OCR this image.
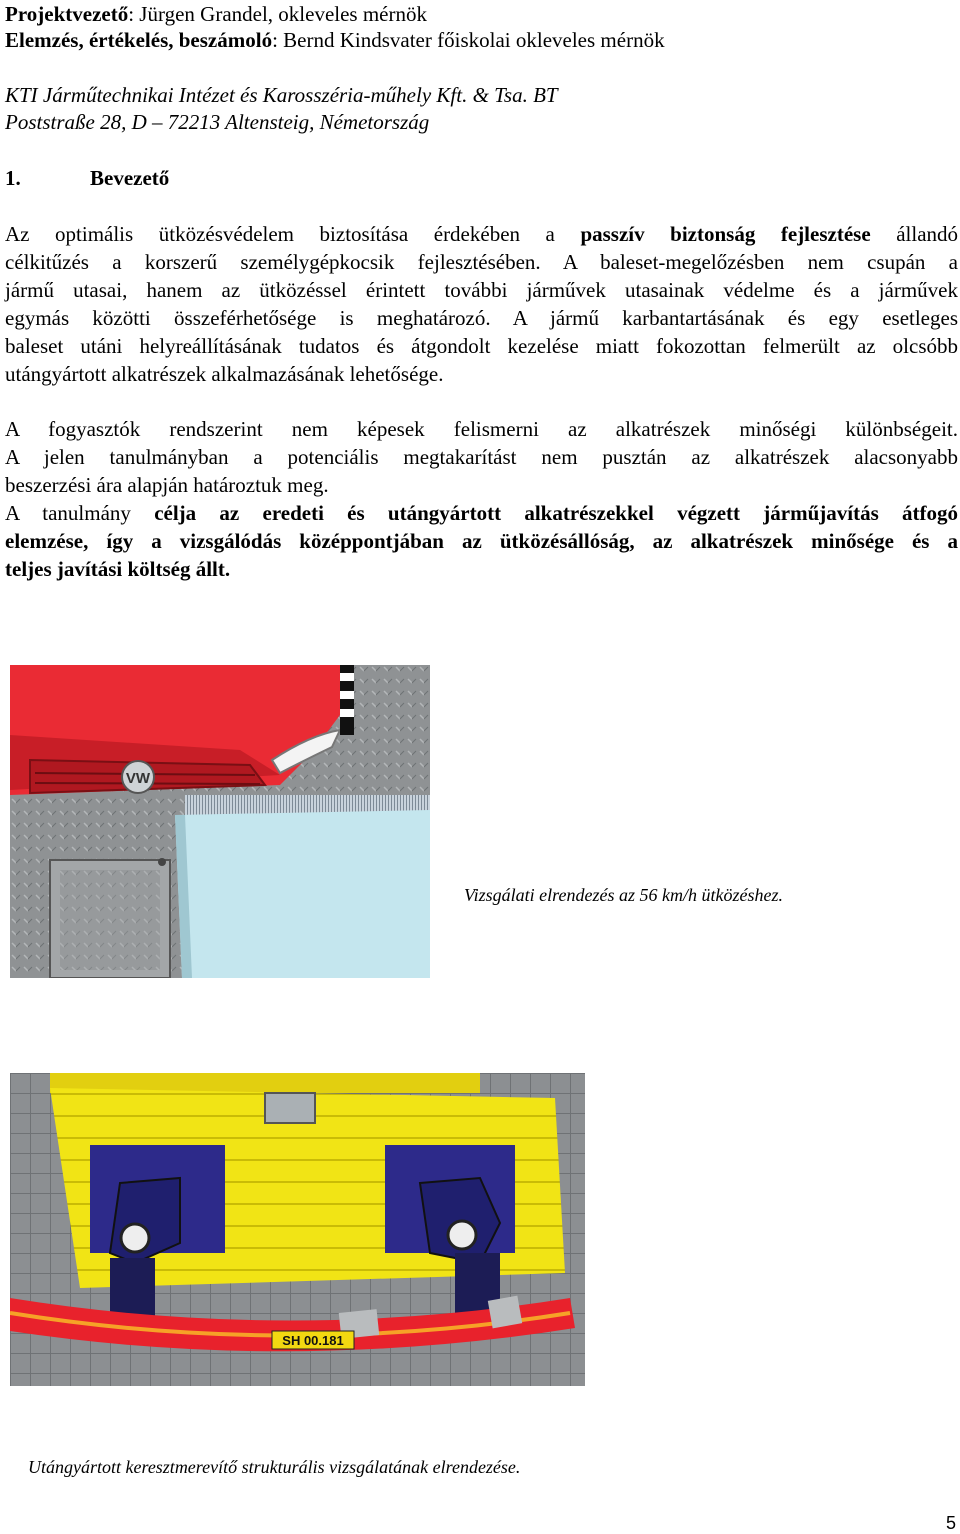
Projektvezető: Jürgen Grandel, okleveles mérnök
Elemzés, értékelés, beszámoló: Bernd Kindsvater főiskolai okleveles mérnök
KTI Járműtechnikai Intézet és Karosszéria-műhely Kft. & Tsa. BT
Poststraße 28, D – 72213 Altensteig, Németország
1.	Bevezető
Az optimális ütközésvédelem biztosítása érdekében a passzív biztonság fejlesztése állandó
célkitűzés a korszerű személygépkocsik fejlesztésében. A baleset-megelőzésben nem csupán a
jármű utasai, hanem az ütközéssel érintett további járművek utasainak védelme és a járművek
egymás közötti összeférhetősége is meghatározó. A jármű karbantartásának és egy esetleges
baleset utáni helyreállításának tudatos és átgondolt kezelése miatt fokozottan felmerült az olcsóbb
utángyártott alkatrészek alkalmazásának lehetősége.
A fogyasztók rendszerint nem képesek felismerni az alkatrészek minőségi különbségeit.
A jelen tanulmányban a potenciális megtakarítást nem pusztán az alkatrészek alacsonyabb
beszerzési ára alapján határoztuk meg.
A tanulmány célja az eredeti és utángyártott alkatrészekkel végzett járműjavítás átfogó
elemzése, így a vizsgálódás középpontjában az ütközésállóság, az alkatrészek minősége és a
teljes javítási költség állt.
VW
Vizsgálati elrendezés az 56 km/h ütközéshez.
SH 00.181
Utángyártott keresztmerevítő strukturális vizsgálatának elrendezése.
5
